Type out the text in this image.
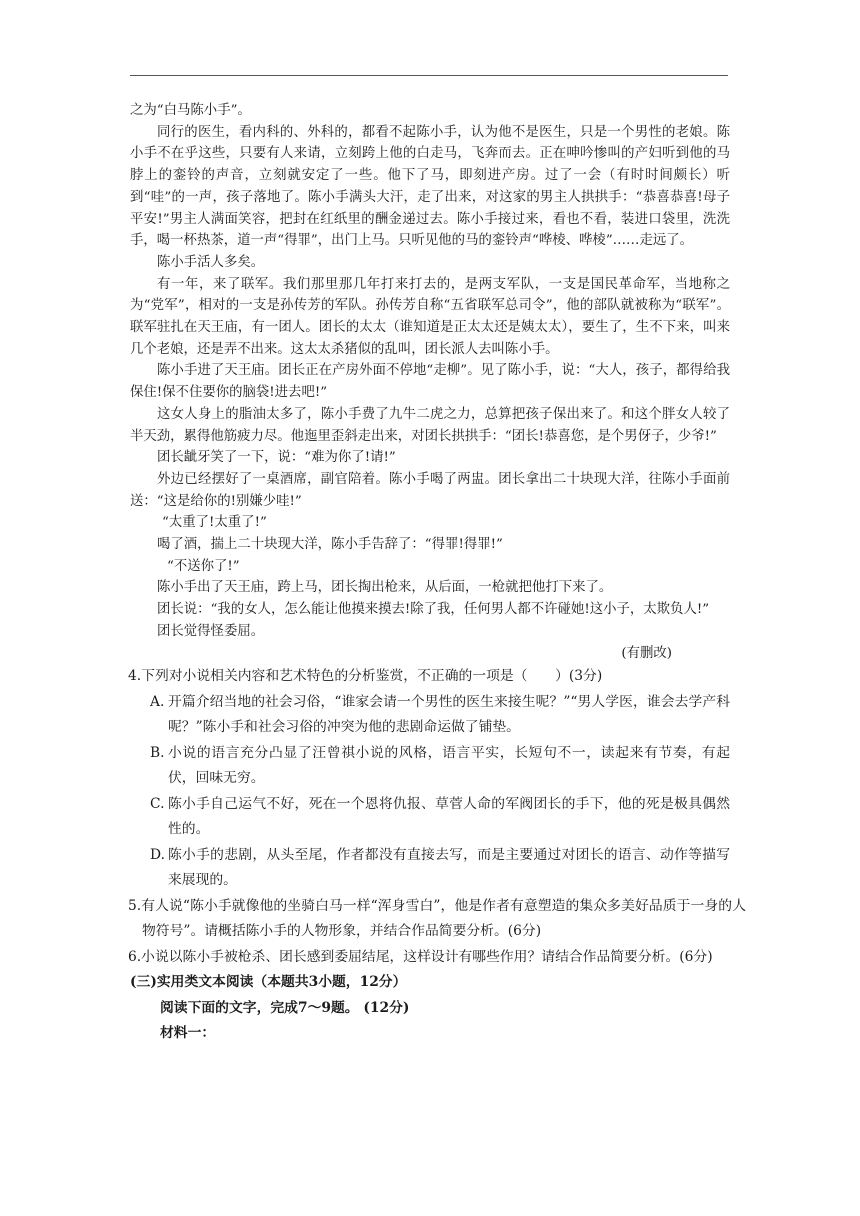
之为“白马陈小手”。

同行的医生，看内科的、外科的，都看不起陈小手，认为他不是医生，只是一个男性的老娘。陈小手不在乎这些，只要有人来请，立刻跨上他的白走马，飞奔而去。正在呻吟惨叫的产妇听到他的马脖上的銮铃的声音，立刻就安定了一些。他下了马，即刻进产房。过了一会（有时时间颇长）听到“哇”的一声，孩子落地了。陈小手满头大汗，走了出来，对这家的男主人拱拱手：“恭喜恭喜!母子平安!”男主人满面笑容，把封在红纸里的酬金递过去。陈小手接过来，看也不看，装进口袋里，洗洗手，喝一杯热茶，道一声“得罪”，出门上马。只听见他的马的銮铃声“哗棱、哗棱”……走远了。

陈小手活人多矣。

有一年，来了联军。我们那里那几年打来打去的，是两支军队，一支是国民革命军，当地称之为“党军”，相对的一支是孙传芳的军队。孙传芳自称“五省联军总司令”，他的部队就被称为“联军”。联军驻扎在天王庙，有一团人。团长的太太（谁知道是正太太还是姨太太），要生了，生不下来，叫来几个老娘，还是弄不出来。这太太杀猪似的乱叫，团长派人去叫陈小手。

陈小手进了天王庙。团长正在产房外面不停地“走柳”。见了陈小手，说：“大人，孩子，都得给我保住!保不住要你的脑袋!进去吧!”

这女人身上的脂油太多了，陈小手费了九牛二虎之力，总算把孩子保出来了。和这个胖女人较了半天劲，累得他筋疲力尽。他迤里歪斜走出来，对团长拱拱手：“团长!恭喜您，是个男伢子，少爷!”

团长龇牙笑了一下，说：“难为你了!请!”

外边已经摆好了一桌酒席，副官陪着。陈小手喝了两盅。团长拿出二十块现大洋，往陈小手面前送：“这是给你的!别嫌少哇!”

“太重了!太重了!”

喝了酒，揣上二十块现大洋，陈小手告辞了：“得罪!得罪!”

“不送你了!”

陈小手出了天王庙，跨上马，团长掏出枪来，从后面，一枪就把他打下来了。

团长说：“我的女人，怎么能让他摸来摸去!除了我，任何男人都不许碰她!这小子，太欺负人!”

团长觉得怪委屈。

(有删改)

4.下列对小说相关内容和艺术特色的分析鉴赏，不正确的一项是（　　）(3分)

A. 开篇介绍当地的社会习俗，“谁家会请一个男性的医生来接生呢？”“男人学医，谁会去学产科呢？”陈小手和社会习俗的冲突为他的悲剧命运做了铺垫。
B. 小说的语言充分凸显了汪曾祺小说的风格，语言平实，长短句不一，读起来有节奏，有起伏，回味无穷。
C. 陈小手自己运气不好，死在一个恩将仇报、草菅人命的军阀团长的手下，他的死是极具偶然性的。
D. 陈小手的悲剧，从头至尾，作者都没有直接去写，而是主要通过对团长的语言、动作等描写来展现的。

5.有人说“陈小手就像他的坐骑白马一样“浑身雪白”，他是作者有意塑造的集众多美好品质于一身的人物符号”。请概括陈小手的人物形象，并结合作品简要分析。(6分)

6.小说以陈小手被枪杀、团长感到委屈结尾，这样设计有哪些作用？请结合作品简要分析。(6分)

(三)实用类文本阅读（本题共3小题，12分）

阅读下面的文字，完成7～9题。 (12分)

材料一：
